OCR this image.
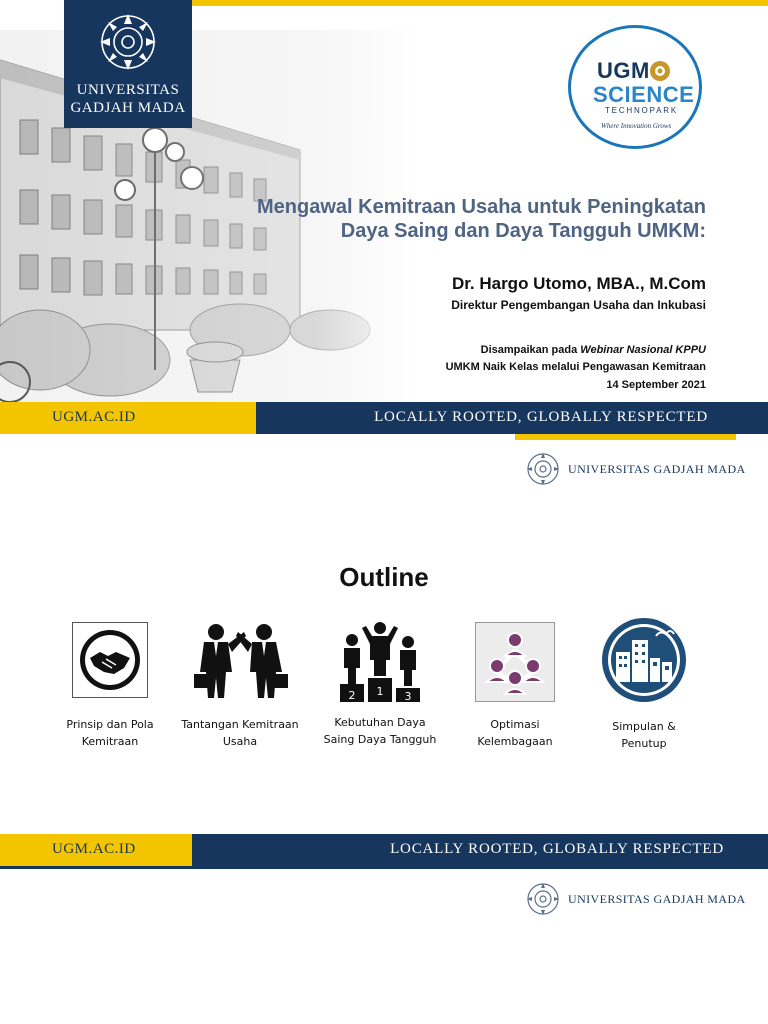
UNIVERSITAS
GADJAH MADA
UGM
SCIENCE
TECHNOPARK
Where Innovation Grows
Mengawal Kemitraan Usaha untuk Peningkatan
Daya Saing dan Daya Tangguh UMKM:
Dr. Hargo Utomo, MBA., M.Com
Direktur Pengembangan Usaha dan Inkubasi
Disampaikan pada Webinar Nasional KPPU
UMKM Naik Kelas melalui Pengawasan Kemitraan
14 September 2021
UGM.AC.ID	LOCALLY ROOTED, GLOBALLY RESPECTED
UNIVERSITAS GADJAH MADA
Outline
Prinsip dan Pola
Kemitraan
Tantangan Kemitraan
Usaha
2 1 3
Kebutuhan Daya
Saing Daya Tangguh
Optimasi
Kelembagaan
Simpulan &
Penutup
UGM.AC.ID	LOCALLY ROOTED, GLOBALLY RESPECTED
UNIVERSITAS GADJAH MADA
